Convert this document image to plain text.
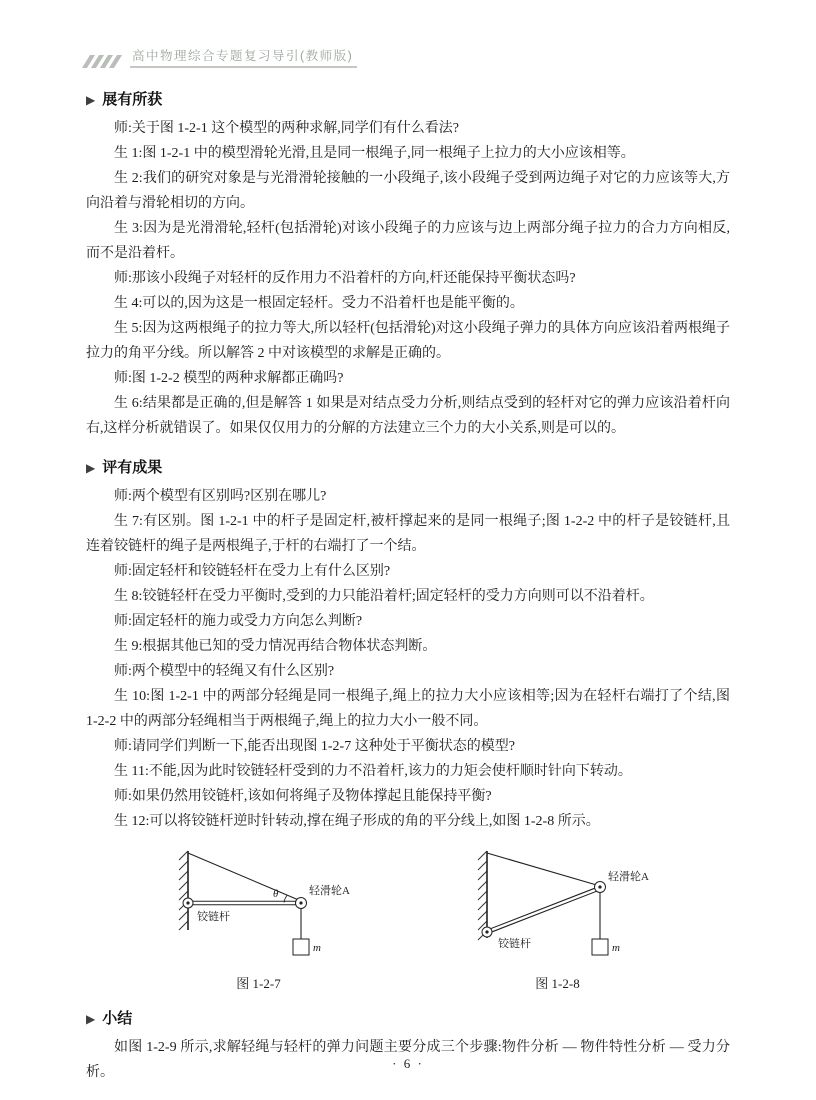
高中物理综合专题复习导引(教师版)
▶ 展有所获

师:关于图 1-2-1 这个模型的两种求解,同学们有什么看法?

生 1:图 1-2-1 中的模型滑轮光滑,且是同一根绳子,同一根绳子上拉力的大小应该相等。

生 2:我们的研究对象是与光滑滑轮接触的一小段绳子,该小段绳子受到两边绳子对它的力应该等大,方向沿着与滑轮相切的方向。

生 3:因为是光滑滑轮,轻杆(包括滑轮)对该小段绳子的力应该与边上两部分绳子拉力的合力方向相反,而不是沿着杆。

师:那该小段绳子对轻杆的反作用力不沿着杆的方向,杆还能保持平衡状态吗?

生 4:可以的,因为这是一根固定轻杆。受力不沿着杆也是能平衡的。

生 5:因为这两根绳子的拉力等大,所以轻杆(包括滑轮)对这小段绳子弹力的具体方向应该沿着两根绳子拉力的角平分线。所以解答 2 中对该模型的求解是正确的。

师:图 1-2-2 模型的两种求解都正确吗?

生 6:结果都是正确的,但是解答 1 如果是对结点受力分析,则结点受到的轻杆对它的弹力应该沿着杆向右,这样分析就错误了。如果仅仅用力的分解的方法建立三个力的大小关系,则是可以的。

▶ 评有成果

师:两个模型有区别吗?区别在哪儿?

生 7:有区别。图 1-2-1 中的杆子是固定杆,被杆撑起来的是同一根绳子;图 1-2-2 中的杆子是铰链杆,且连着铰链杆的绳子是两根绳子,于杆的右端打了一个结。

师:固定轻杆和铰链轻杆在受力上有什么区别?

生 8:铰链轻杆在受力平衡时,受到的力只能沿着杆;固定轻杆的受力方向则可以不沿着杆。

师:固定轻杆的施力或受力方向怎么判断?

生 9:根据其他已知的受力情况再结合物体状态判断。

师:两个模型中的轻绳又有什么区别?

生 10:图 1-2-1 中的两部分轻绳是同一根绳子,绳上的拉力大小应该相等;因为在轻杆右端打了个结,图 1-2-2 中的两部分轻绳相当于两根绳子,绳上的拉力大小一般不同。

师:请同学们判断一下,能否出现图 1-2-7 这种处于平衡状态的模型?

生 11:不能,因为此时铰链轻杆受到的力不沿着杆,该力的力矩会使杆顺时针向下转动。

师:如果仍然用铰链杆,该如何将绳子及物体撑起且能保持平衡?

生 12:可以将铰链杆逆时针转动,撑在绳子形成的角的平分线上,如图 1-2-8 所示。

θ
m
轻滑轮A
铰链杆
图 1-2-7
m
轻滑轮A
铰链杆
图 1-2-8
▶ 小结

如图 1-2-9 所示,求解轻绳与轻杆的弹力问题主要分成三个步骤:物件分析 — 物件特性分析 — 受力分析。

· 6 ·
